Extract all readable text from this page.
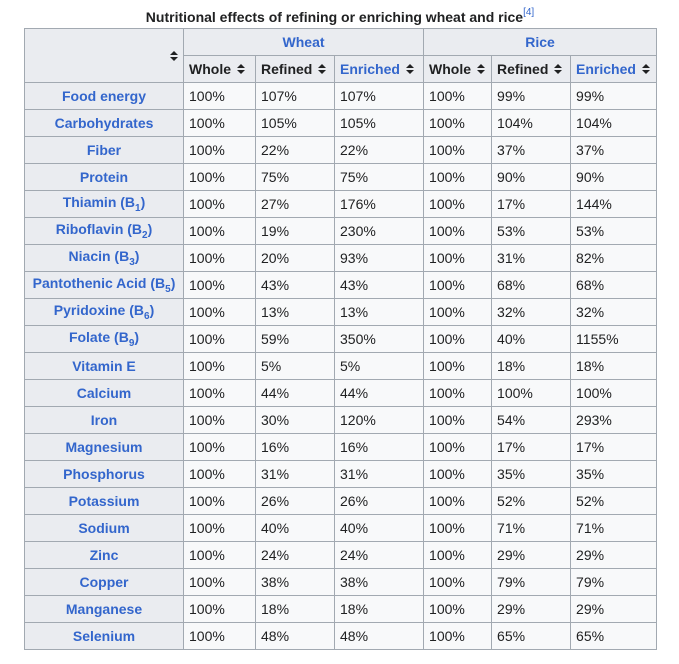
Nutritional effects of refining or enriching wheat and rice[4]
	Wheat			Rice		
	Whole	Refined	Enriched	Whole	Refined	Enriched
Food energy	100%	107%	107%	100%	99%	99%
Carbohydrates	100%	105%	105%	100%	104%	104%
Fiber	100%	22%	22%	100%	37%	37%
Protein	100%	75%	75%	100%	90%	90%
Thiamin $(B_1)$	100%	27%	176%	100%	17%	144%
Riboflavin $(B_2)$	100%	19%	230%	100%	53%	53%
Niacin $(B_3)$	100%	20%	93%	100%	31%	82%
Pantothenic Acid $(B_5)$	100%	43%	43%	100%	68%	68%
Pyridoxine $(B_6)$	100%	13%	13%	100%	32%	32%
Folate $(B_9)$	100%	59%	350%	100%	40%	1155%
Vitamin E	100%	5%	5%	100%	18%	18%
Calcium	100%	44%	44%	100%	100%	100%
Iron	100%	30%	120%	100%	54%	293%
Magnesium	100%	16%	16%	100%	17%	17%
Phosphorus	100%	31%	31%	100%	35%	35%
Potassium	100%	26%	26%	100%	52%	52%
Sodium	100%	40%	40%	100%	71%	71%
Zinc	100%	24%	24%	100%	29%	29%
Copper	100%	38%	38%	100%	79%	79%
Manganese	100%	18%	18%	100%	29%	29%
Selenium	100%	48%	48%	100%	65%	65%
